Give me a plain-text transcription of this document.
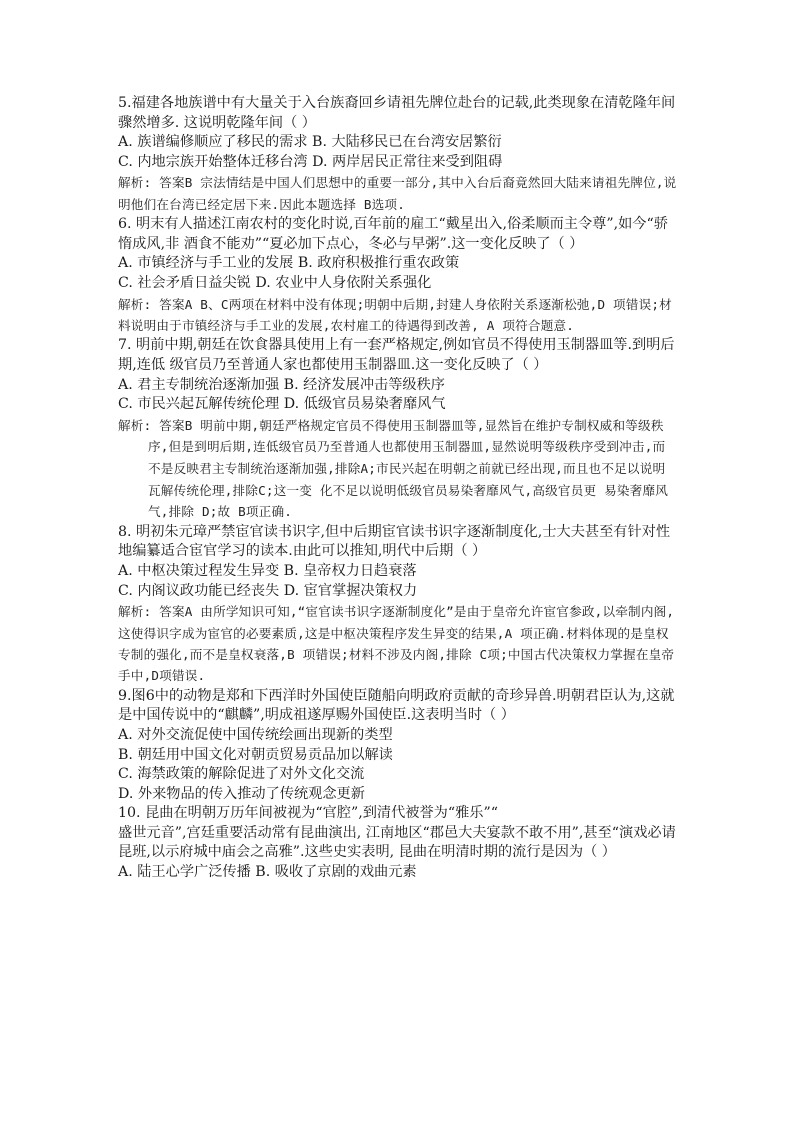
5.福建各地族谱中有大量关于入台族裔回乡请祖先牌位赴台的记载,此类现象在清乾隆年间骤然增多. 这说明乾隆年间（ ）

A. 族谱编修顺应了移民的需求 B. 大陆移民已在台湾安居繁衍

C. 内地宗族开始整体迁移台湾 D. 两岸居民正常往来受到阻碍

解析: 答案B 宗法情结是中国人们思想中的重要一部分,其中入台后裔竟然回大陆来请祖先牌位,说明他们在台湾已经定居下来.因此本题选择 B选项.

6. 明末有人描述江南农村的变化时说,百年前的雇工“戴星出入,俗柔顺而主令尊”,如今“骄惰成风,非 酒食不能劝”“夏必加下点心，冬必与早粥”.这一变化反映了（ ）

A. 市镇经济与手工业的发展 B. 政府积极推行重农政策

C. 社会矛盾日益尖锐 D. 农业中人身依附关系强化

解析: 答案A B、C两项在材料中没有体现;明朝中后期,封建人身依附关系逐渐松弛,D 项错误;材料说明由于市镇经济与手工业的发展,农村雇工的待遇得到改善, A 项符合题意.

7. 明前中期,朝廷在饮食器具使用上有一套严格规定,例如官员不得使用玉制器皿等.到明后期,连低 级官员乃至普通人家也都使用玉制器皿.这一变化反映了（ ）

A. 君主专制统治逐渐加强 B. 经济发展冲击等级秩序

C. 市民兴起瓦解传统伦理 D. 低级官员易染奢靡风气

解析: 答案B 明前中期,朝廷严格规定官员不得使用玉制器皿等,显然旨在维护专制权威和等级秩序,但是到明后期,连低级官员乃至普通人也都使用玉制器皿,显然说明等级秩序受到冲击,而不是反映君主专制统治逐渐加强,排除A;市民兴起在明朝之前就已经出现,而且也不足以说明瓦解传统伦理,排除C;这一变 化不足以说明低级官员易染奢靡风气,高级官员更 易染奢靡风气,排除 D;故 B项正确.

8. 明初朱元璋严禁宦官读书识字,但中后期宦官读书识字逐渐制度化,士大夫甚至有针对性地编纂适合宦官学习的读本.由此可以推知,明代中后期（ ）

A. 中枢决策过程发生异变 B. 皇帝权力日趋衰落

C. 内阁议政功能已经丧失 D. 宦官掌握决策权力

解析: 答案A 由所学知识可知,“宦官读书识字逐渐制度化”是由于皇帝允许宦官参政,以牵制内阁,这使得识字成为宦官的必要素质,这是中枢决策程序发生异变的结果,A 项正确.材料体现的是皇权专制的强化,而不是皇权衰落,B 项错误;材料不涉及内阁,排除 C项;中国古代决策权力掌握在皇帝手中,D项错误.

9.图6中的动物是郑和下西洋时外国使臣随船向明政府贡献的奇珍异兽.明朝君臣认为,这就是中国传说中的“麒麟”,明成祖遂厚赐外国使臣.这表明当时（ ）

A. 对外交流促使中国传统绘画出现新的类型

B. 朝廷用中国文化对朝贡贸易贡品加以解读

C. 海禁政策的解除促进了对外文化交流

D. 外来物品的传入推动了传统观念更新

10. 昆曲在明朝万历年间被视为“官腔”,到清代被誉为“雅乐”“

盛世元音”,宫廷重要活动常有昆曲演出, 江南地区“郡邑大夫宴款不敢不用”,甚至“演戏必请昆班,以示府城中庙会之高雅”.这些史实表明, 昆曲在明清时期的流行是因为（ ）

A. 陆王心学广泛传播 B. 吸收了京剧的戏曲元素
